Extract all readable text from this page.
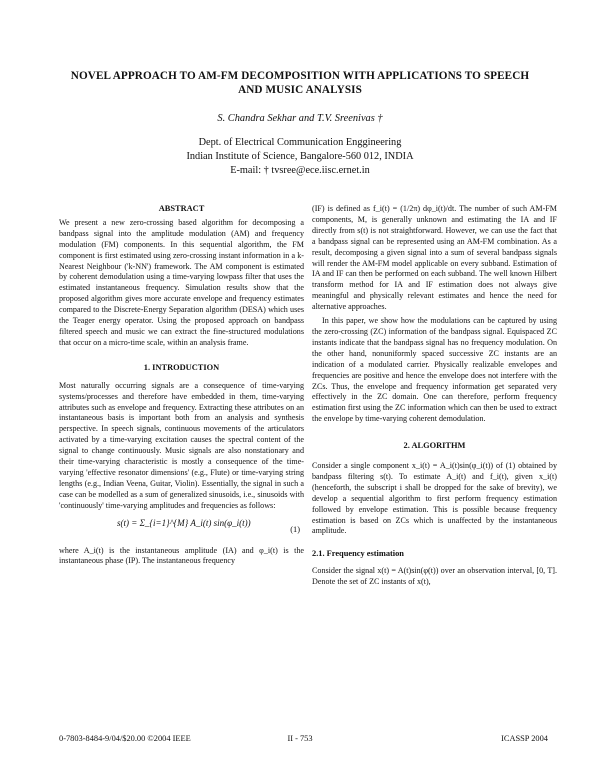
NOVEL APPROACH TO AM-FM DECOMPOSITION WITH APPLICATIONS TO SPEECH
AND MUSIC ANALYSIS
S. Chandra Sekhar and T.V. Sreenivas †
Dept. of Electrical Communication Enggineering
Indian Institute of Science, Bangalore-560 012, INDIA
E-mail: † tvsree@ece.iisc.ernet.in
ABSTRACT

We present a new zero-crossing based algorithm for decomposing a bandpass signal into the amplitude modulation (AM) and frequency modulation (FM) components. In this sequential algorithm, the FM component is first estimated using zero-crossing instant information in a k-Nearest Neighbour ('k-NN') framework. The AM component is estimated by coherent demodulation using a time-varying lowpass filter that uses the estimated instantaneous frequency. Simulation results show that the proposed algorithm gives more accurate envelope and frequency estimates compared to the Discrete-Energy Separation algorithm (DESA) which uses the Teager energy operator. Using the proposed approach on bandpass filtered speech and music we can extract the fine-structured modulations that occur on a micro-time scale, within an analysis frame.

1. INTRODUCTION

Most naturally occurring signals are a consequence of time-varying systems/processes and therefore have embedded in them, time-varying attributes such as envelope and frequency. Extracting these attributes on an instantaneous basis is important both from an analysis and synthesis perspective. In speech signals, continuous movements of the articulators activated by a time-varying excitation causes the spectral content of the signal to change continuously. Music signals are also nonstationary and their time-varying characteristic is mostly a consequence of the time-varying 'effective resonator dimensions' (e.g., Flute) or time-varying string lengths (e.g., Indian Veena, Guitar, Violin). Essentially, the signal in such a case can be modelled as a sum of generalized sinusoids, i.e., sinusoids with 'continuously' time-varying amplitudes and frequencies as follows:

s(t) = Σ_{i=1}^{M} A_i(t) sin(φ_i(t))
(1)

where A_i(t) is the instantaneous amplitude (IA) and φ_i(t) is the instantaneous phase (IP). The instantaneous frequency

(IF) is defined as f_i(t) = (1/2π) dφ_i(t)/dt. The number of such AM-FM components, M, is generally unknown and estimating the IA and IF directly from s(t) is not straightforward. However, we can use the fact that a bandpass signal can be represented using an AM-FM combination. As a result, decomposing a given signal into a sum of several bandpass signals will render the AM-FM model applicable on every subband. Estimation of IA and IF can then be performed on each subband. The well known Hilbert transform method for IA and IF estimation does not always give meaningful and physically relevant estimates and hence the need for alternative approaches.

In this paper, we show how the modulations can be captured by using the zero-crossing (ZC) information of the bandpass signal. Equispaced ZC instants indicate that the bandpass signal has no frequency modulation. On the other hand, nonuniformly spaced successive ZC instants are an indication of a modulated carrier. Physically realizable envelopes and frequencies are positive and hence the envelope does not interfere with the ZCs. Thus, the envelope and frequency information get separated very effectively in the ZC domain. One can therefore, perform frequency estimation first using the ZC information which can then be used to extract the envelope by time-varying coherent demodulation.

2. ALGORITHM

Consider a single component x_i(t) = A_i(t)sin(φ_i(t)) of (1) obtained by bandpass filtering s(t). To estimate A_i(t) and f_i(t), given x_i(t) (henceforth, the subscript i shall be dropped for the sake of brevity), we develop a sequential algorithm to first perform frequency estimation followed by envelope estimation. This is possible because frequency estimation is based on ZCs which is unaffected by the instantaneous amplitude.

2.1. Frequency estimation

Consider the signal x(t) = A(t)sin(φ(t)) over an observation interval, [0, T]. Denote the set of ZC instants of x(t),

0-7803-8484-9/04/$20.00 ©2004 IEEE	II - 753	ICASSP 2004
